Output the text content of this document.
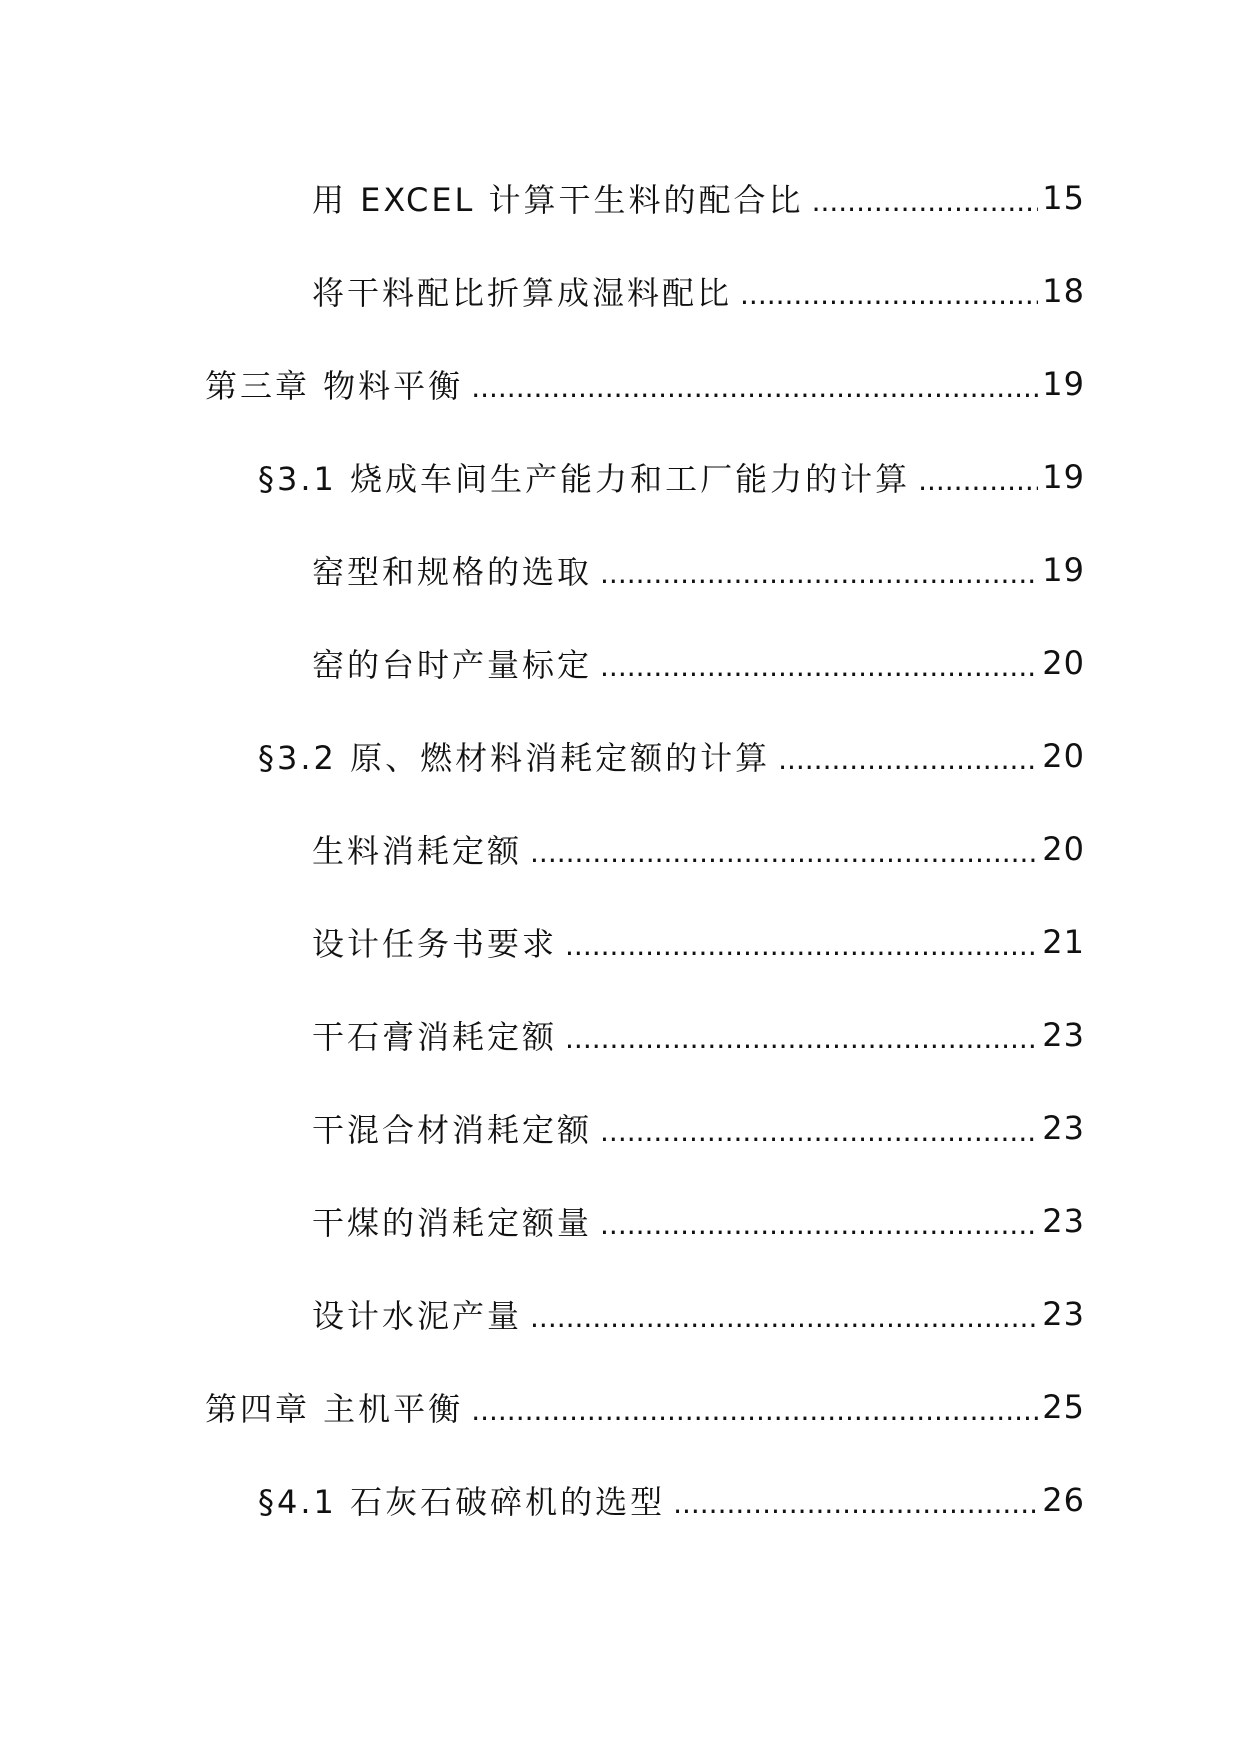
用 EXCEL 计算干生料的配合比 .....	15
将干料配比折算成湿料配比 .....	18
第三章 物料平衡 .....	19
§3.1 烧成车间生产能力和工厂能力的计算 .....	19
窑型和规格的选取 .....	19
窑的台时产量标定 .....	20
§3.2 原、燃材料消耗定额的计算 .....	20
生料消耗定额 .....	20
设计任务书要求 .....	21
干石膏消耗定额 .....	23
干混合材消耗定额 .....	23
干煤的消耗定额量 .....	23
设计水泥产量 .....	23
第四章 主机平衡 .....	25
§4.1 石灰石破碎机的选型 .....	26
